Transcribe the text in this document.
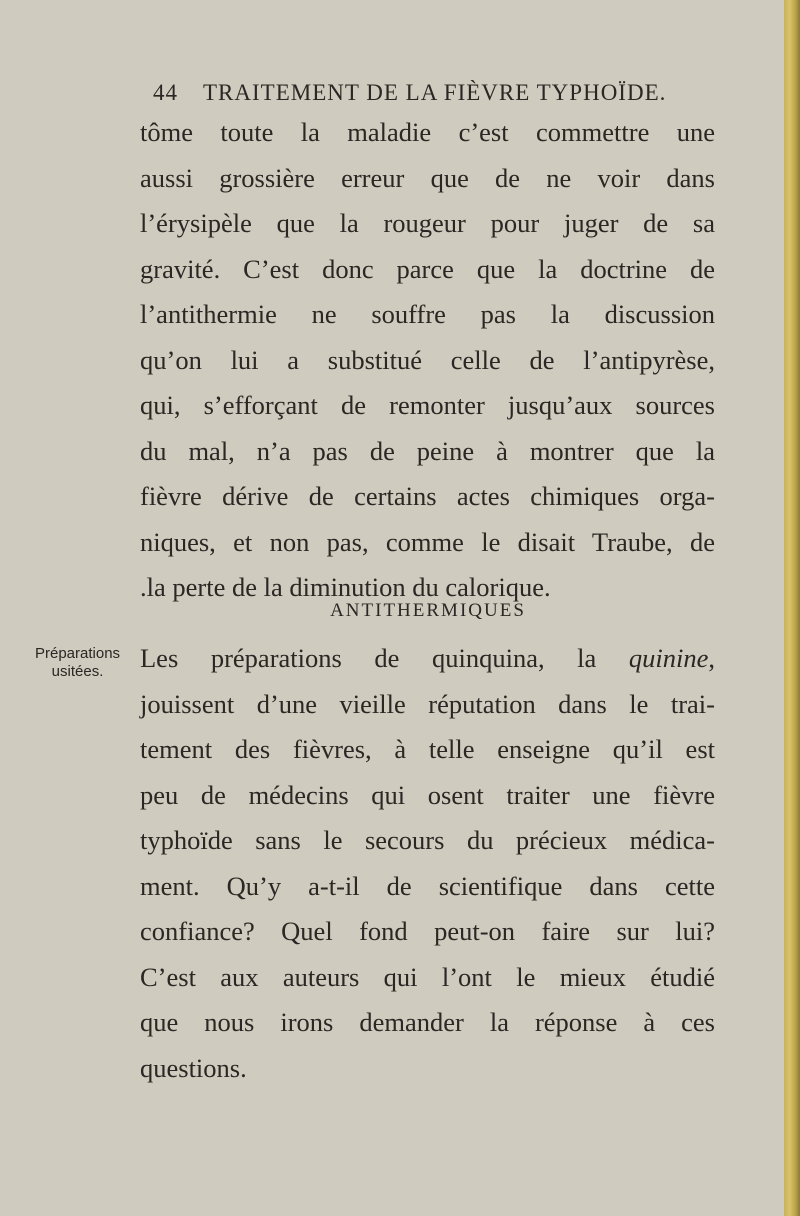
44 TRAITEMENT DE LA FIÈVRE TYPHOÏDE.
tôme toute la maladie c’est commettre une
aussi grossière erreur que de ne voir dans
l’érysipèle que la rougeur pour juger de sa
gravité. C’est donc parce que la doctrine de
l’antithermie ne souffre pas la discussion
qu’on lui a substitué celle de l’antipyrèse,
qui, s’efforçant de remonter jusqu’aux sources
du mal, n’a pas de peine à montrer que la
fièvre dérive de certains actes chimiques orga-
niques, et non pas, comme le disait Traube, de
.la perte de la diminution du calorique.
ANTITHERMIQUES
Préparations
usitées.	Les préparations de quinquina, la quinine,
jouissent d’une vieille réputation dans le trai-
tement des fièvres, à telle enseigne qu’il est
peu de médecins qui osent traiter une fièvre
typhoïde sans le secours du précieux médica-
ment. Qu’y a-t-il de scientifique dans cette
confiance? Quel fond peut-on faire sur lui?
C’est aux auteurs qui l’ont le mieux étudié
que nous irons demander la réponse à ces
questions.
